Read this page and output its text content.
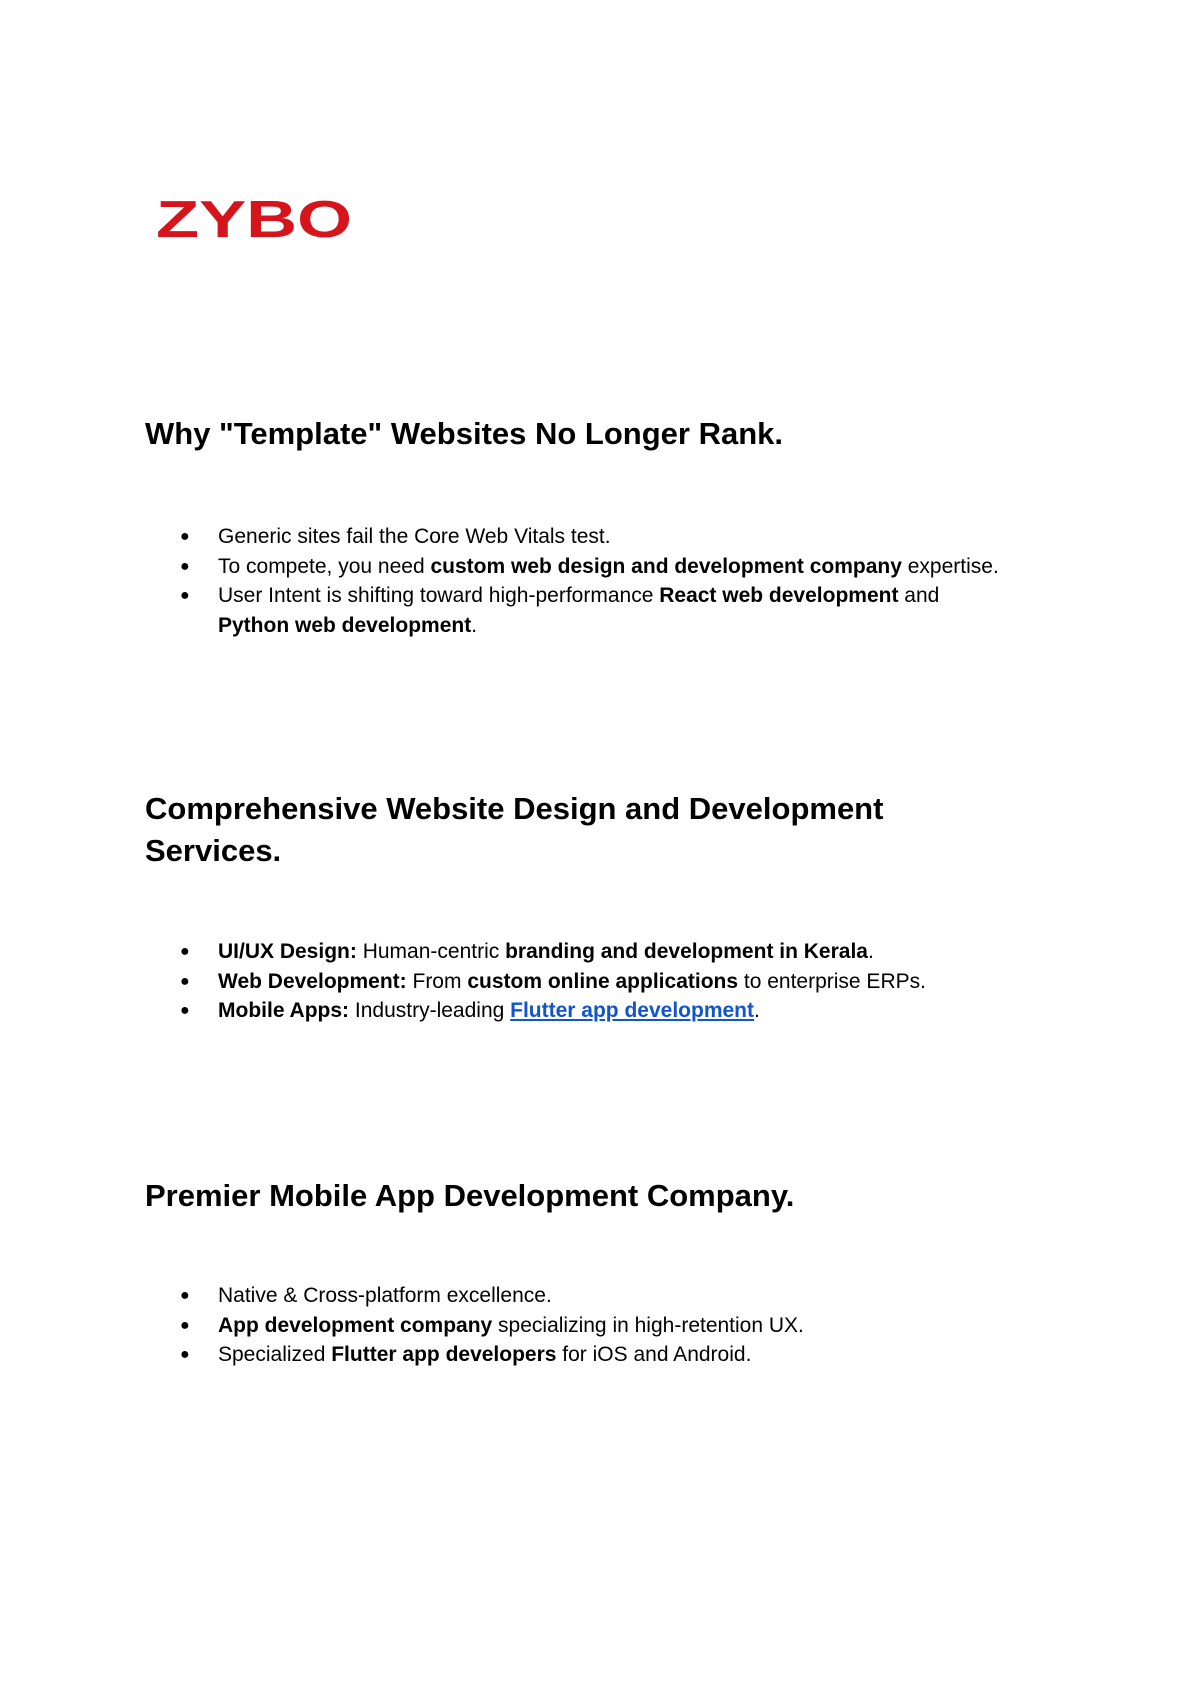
ZYBO
Why "Template" Websites No Longer Rank.
● Generic sites fail the Core Web Vitals test.
● To compete, you need custom web design and development company expertise.
● User Intent is shifting toward high-performance React web development and
Python web development.
Comprehensive Website Design and Development
Services.
● UI/UX Design: Human-centric branding and development in Kerala.
● Web Development: From custom online applications to enterprise ERPs.
● Mobile Apps: Industry-leading Flutter app development.
Premier Mobile App Development Company.
● Native & Cross-platform excellence.
● App development company specializing in high-retention UX.
● Specialized Flutter app developers for iOS and Android.
